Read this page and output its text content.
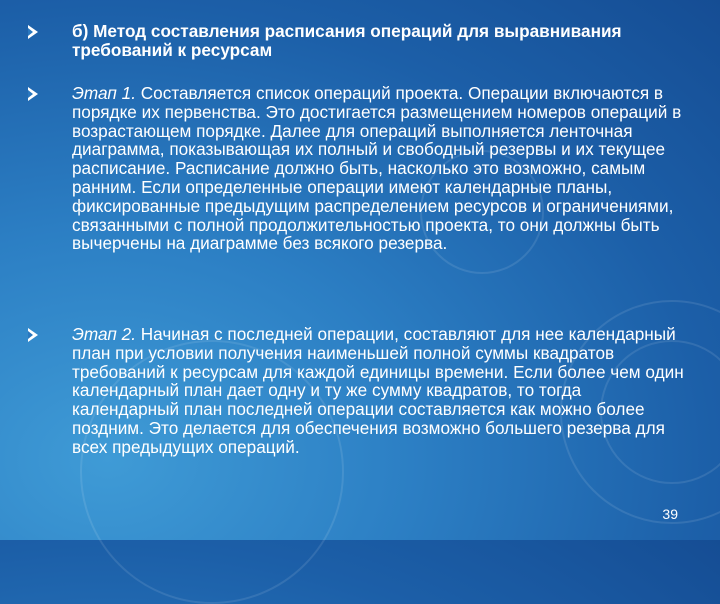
б) Метод составления расписания операций для выравнивания требований к ресурсам
Этап 1. Составляется список операций проекта. Операции включаются в порядке их первенства. Это достигается размещением номеров операций в возрастающем порядке. Далее для операций выполняется ленточная диаграмма, показывающая их полный и свободный резервы и их текущее расписание. Расписание должно быть, насколько это возможно, самым ранним. Если определенные операции имеют календарные планы, фиксированные предыдущим распределением ресурсов и ограничениями, связанными с полной продолжительностью проекта, то они должны быть вычерчены на диаграмме без всякого резерва.
Этап 2. Начиная с последней операции, составляют для нее календарный план при условии получения наименьшей полной суммы квадратов требований к ресурсам для каждой единицы времени. Если более чем один календарный план дает одну и ту же сумму квадратов, то тогда календарный план последней операции составляется как можно более поздним. Это делается для обеспечения возможно большего резерва для всех предыдущих операций.
39
